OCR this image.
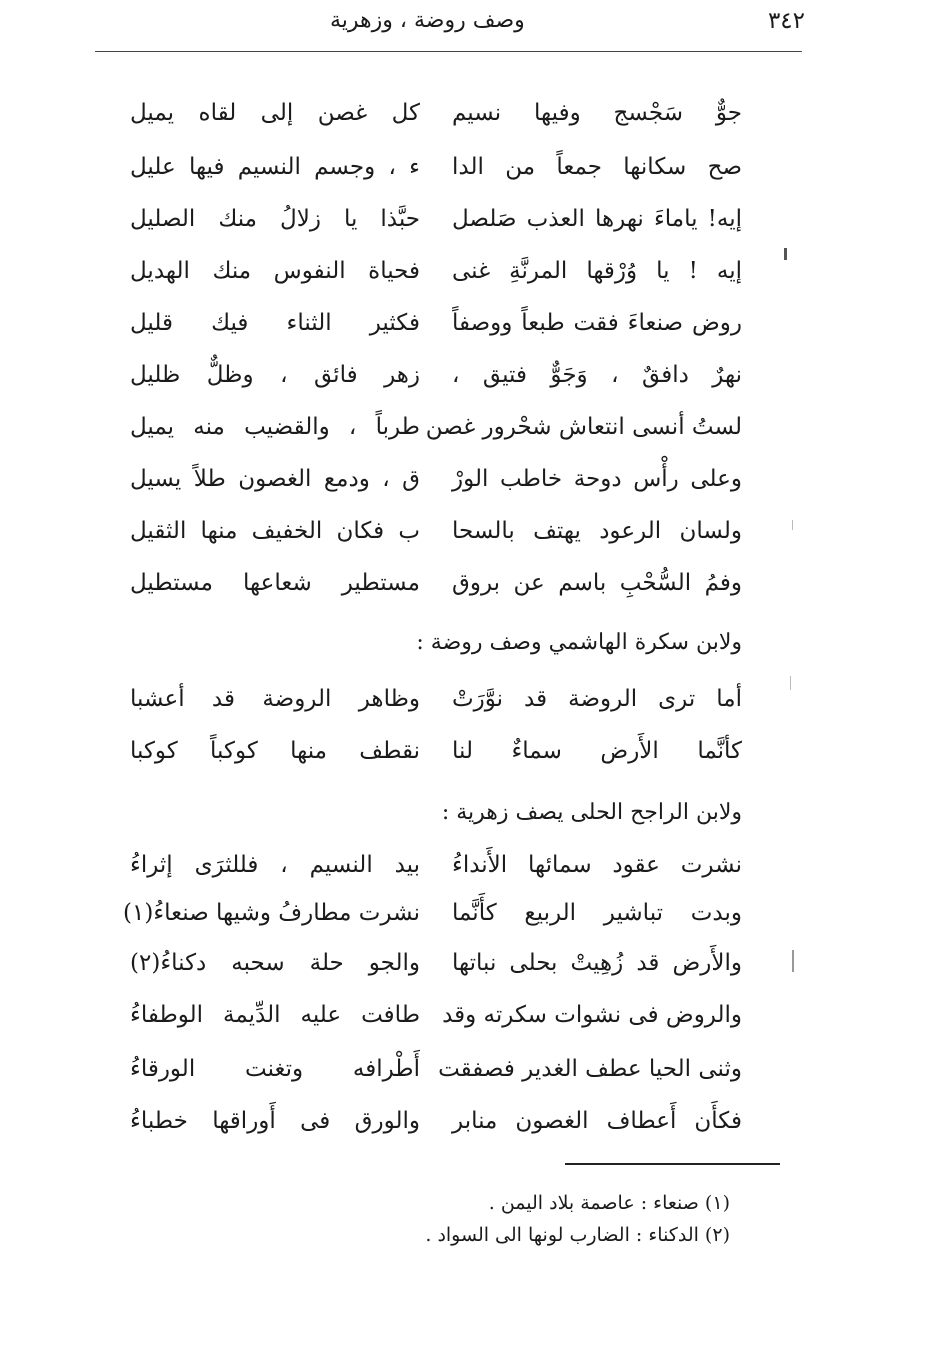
٣٤٢
وصف روضة ، وزهرية
جوٌّ سَجْسج وفيها نسيم
كل غصن إلى لقاه يميل
صح سكانها جمعاً من الدا
ء ، وجسم النسيم فيها عليل
إيه! ياماءَ نهرها العذب صَلصل
حبَّذا يا زلالُ منك الصليل
إيه ! يا وُرْقها المرنَّةِ غنى
فحياة النفوس منك الهديل
روض صنعاءَ فقت طبعاً ووصفاً
فكثير الثناء فيك قليل
نهرٌ دافقٌ ، وَجَوٌّ فتيق ،
زهر فائق ، وظلٌّ ظليل
لستُ أنسى انتعاش شحْرور غصن
طرباً ، والقضيب منه يميل
وعلى رأْس دوحة خاطب الورْ
ق ، ودمع الغصون طلاً يسيل
ولسان الرعود يهتف بالسحا
ب فكان الخفيف منها الثقيل
وفمُ السُّحْبِ باسم عن بروق
مستطير شعاعها مستطيل
ولابن سكرة الهاشمي وصف روضة :
أما ترى الروضة قد نوَّرَتْ
وظاهر الروضة قد أعشبا
كأنَّما الأَرض سماءٌ لنا
نقطف منها كوكباً كوكبا
ولابن الراجح الحلى يصف زهرية :
نشرت عقود سمائها الأَنداءُ
بيد النسيم ، فللثرَى إثراءُ
وبدت تباشير الربيع كأَنَّما
نشرت مطارفُ وشيها صنعاءُ(١)
والأَرض قد زُهِيتْ بحلى نباتها
والجو حلة سحبه دكناءُ(٢)
والروض فى نشوات سكرته وقد
طافت عليه الدِّيمة الوطفاءُ
وثنى الحيا عطف الغدير فصفقت
أَطْرافه وتغنت الورقاءُ
فكأَن أَعطاف الغصون منابر
والورق فى أَوراقها خطباءُ
(١) صنعاء : عاصمة بلاد اليمن .
(٢) الدكناء : الضارب لونها الى السواد .
